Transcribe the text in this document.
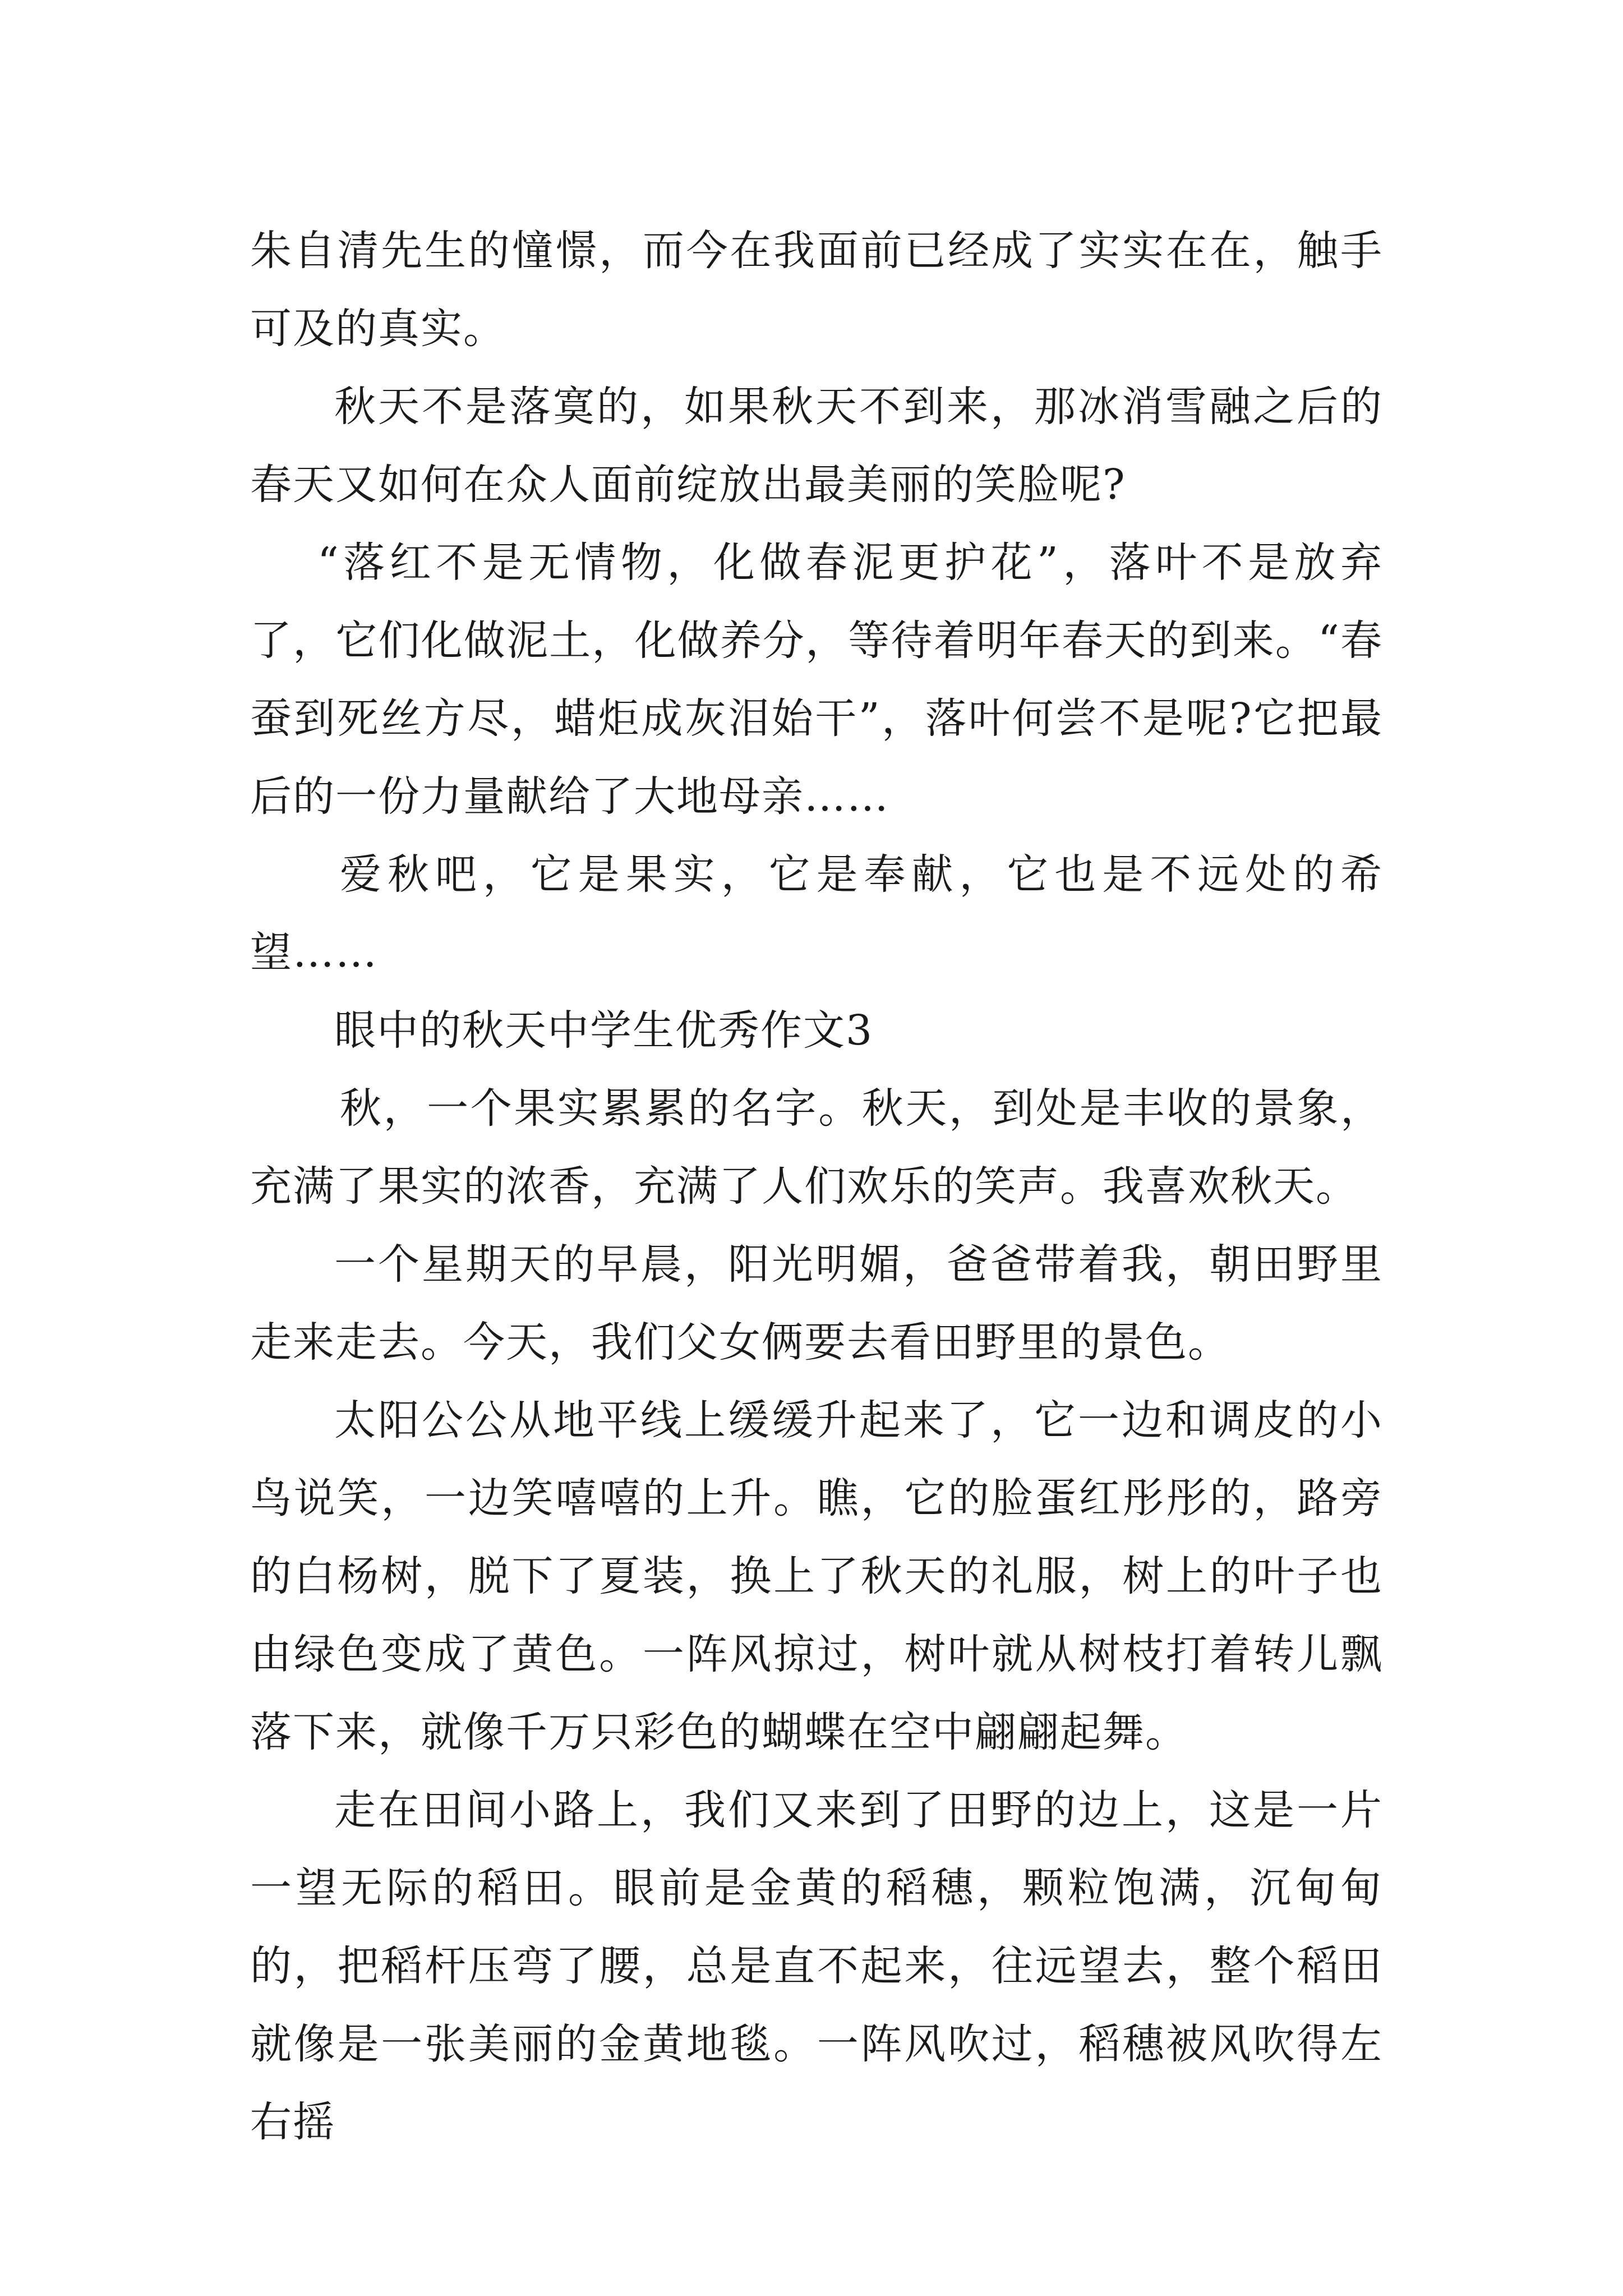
朱自清先生的憧憬，而今在我面前已经成了实实在在，触手可及的真实。

秋天不是落寞的，如果秋天不到来，那冰消雪融之后的春天又如何在众人面前绽放出最美丽的笑脸呢?

“落红不是无情物，化做春泥更护花”，落叶不是放弃了，它们化做泥土，化做养分，等待着明年春天的到来。“春蚕到死丝方尽，蜡炬成灰泪始干”，落叶何尝不是呢?它把最后的一份力量献给了大地母亲……

爱秋吧，它是果实，它是奉献，它也是不远处的希望……

眼中的秋天中学生优秀作文3

秋，一个果实累累的名字。秋天，到处是丰收的景象，充满了果实的浓香，充满了人们欢乐的笑声。我喜欢秋天。

一个星期天的早晨，阳光明媚，爸爸带着我，朝田野里走来走去。今天，我们父女俩要去看田野里的景色。

太阳公公从地平线上缓缓升起来了，它一边和调皮的小鸟说笑，一边笑嘻嘻的上升。瞧，它的脸蛋红彤彤的，路旁的白杨树，脱下了夏装，换上了秋天的礼服，树上的叶子也由绿色变成了黄色。一阵风掠过，树叶就从树枝打着转儿飘落下来，就像千万只彩色的蝴蝶在空中翩翩起舞。

走在田间小路上，我们又来到了田野的边上，这是一片一望无际的稻田。眼前是金黄的稻穗，颗粒饱满，沉甸甸的，把稻杆压弯了腰，总是直不起来，往远望去，整个稻田就像是一张美丽的金黄地毯。一阵风吹过，稻穗被风吹得左右摇
